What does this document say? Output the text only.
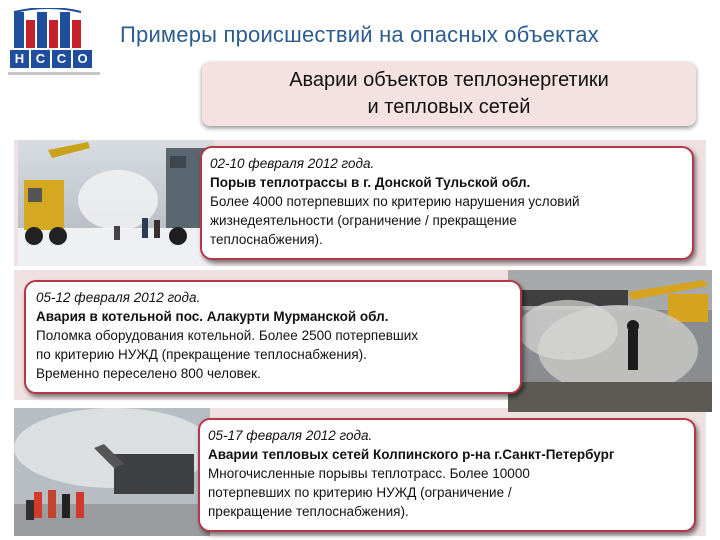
Н С С О
Примеры происшествий на опасных объектах
Аварии объектов теплоэнергетики
и тепловых сетей
02-10 февраля 2012 года.
Порыв теплотрассы в г. Донской Тульской обл.
Более 4000 потерпевших по критерию нарушения условий
жизнедеятельности (ограничение / прекращение
теплоснабжения).
05-12 февраля 2012 года.
Авария в котельной пос. Алакурти Мурманской обл.
Поломка оборудования котельной. Более 2500 потерпевших
по критерию НУЖД (прекращение теплоснабжения).
Временно переселено 800 человек.
05-17 февраля 2012 года.
Аварии тепловых сетей Колпинского р-на г.Санкт-Петербург
Многочисленные порывы теплотрасс. Более 10000
потерпевших по критерию НУЖД (ограничение /
прекращение теплоснабжения).
